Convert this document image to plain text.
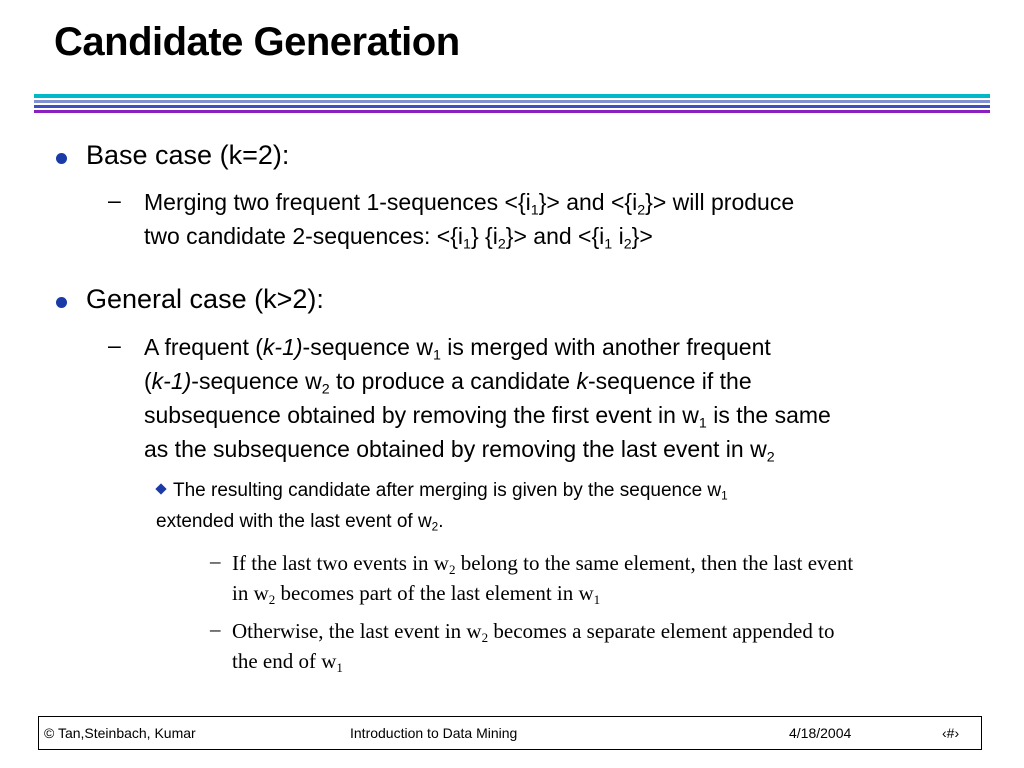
Candidate Generation
Base case (k=2):
– Merging two frequent 1-sequences $<\{i_1\}>$ and $<\{i_2\}>$ will produce
two candidate 2-sequences: $<\{i_1\}$ $\{i_2\}>$ and $<\{i_1$ $i_2\}>$
General case (k>2):
– A frequent (k-1)-sequence $w_1$ is merged with another frequent
(k-1)-sequence $w_2$ to produce a candidate k-sequence if the
subsequence obtained by removing the first event in $w_1$ is the same
as the subsequence obtained by removing the last event in $w_2$
The resulting candidate after merging is given by the sequence $w_1$
extended with the last event of $w_2$.
– If the last two events in $w_2$ belong to the same element, then the last event
in $w_2$ becomes part of the last element in $w_1$
– Otherwise, the last event in $w_2$ becomes a separate element appended to
the end of $w_1$
© Tan,Steinbach, Kumar	Introduction to Data Mining	4/18/2004	‹#›
